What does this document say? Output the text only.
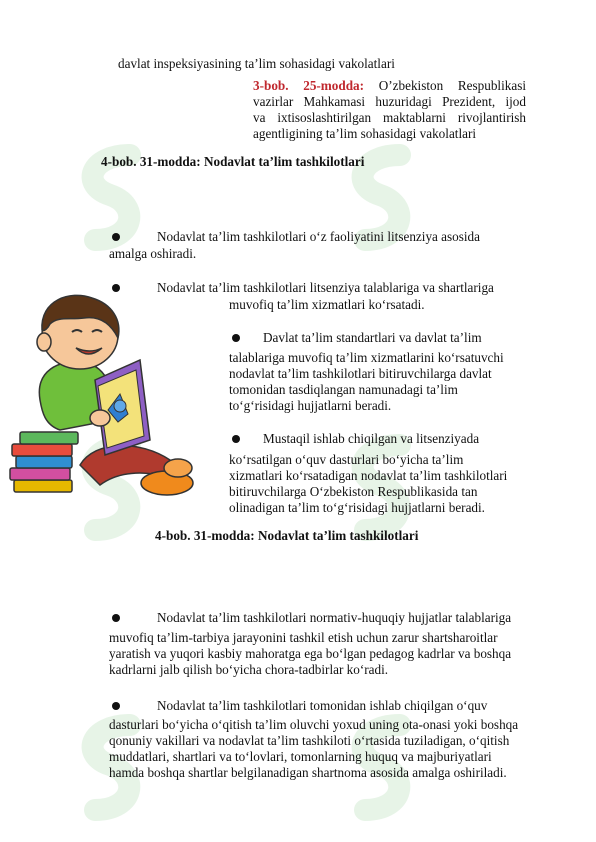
davlat inspeksiyasining ta’lim sohasidagi vakolatlari
3-bob. 25-modda: O’zbekiston Respublikasi
vazirlar Mahkamasi huzuridagi Prezident, ijod
va ixtisoslashtirilgan maktablarni rivojlantirish
agentligining ta’lim sohasidagi vakolatlari
4-bob. 31-modda: Nodavlat ta’lim tashkilotlari
Nodavlat ta’lim tashkilotlari o‘z faoliyatini litsenziya asosida
amalga oshiradi.
Nodavlat ta’lim tashkilotlari litsenziya talablariga va shartlariga
muvofiq ta’lim xizmatlari ko‘rsatadi.
Davlat ta’lim standartlari va davlat ta’lim
talablariga muvofiq ta’lim xizmatlarini ko‘rsatuvchi
nodavlat ta’lim tashkilotlari bitiruvchilarga davlat
tomonidan tasdiqlangan namunadagi ta’lim
to‘g‘risidagi hujjatlarni beradi.
Mustaqil ishlab chiqilgan va litsenziyada
ko‘rsatilgan o‘quv dasturlari bo‘yicha ta’lim
xizmatlari ko‘rsatadigan nodavlat ta’lim tashkilotlari
bitiruvchilarga O‘zbekiston Respublikasida tan
olinadigan ta’lim to‘g‘risidagi hujjatlarni beradi.
4-bob. 31-modda: Nodavlat ta’lim tashkilotlari
Nodavlat ta’lim tashkilotlari normativ-huquqiy hujjatlar talablariga
muvofiq ta’lim-tarbiya jarayonini tashkil etish uchun zarur shartsharoitlar
yaratish va yuqori kasbiy mahoratga ega bo‘lgan pedagog kadrlar va boshqa
kadrlarni jalb qilish bo‘yicha chora-tadbirlar ko‘radi.
Nodavlat ta’lim tashkilotlari tomonidan ishlab chiqilgan o‘quv
dasturlari bo‘yicha o‘qitish ta’lim oluvchi yoxud uning ota-onasi yoki boshqa
qonuniy vakillari va nodavlat ta’lim tashkiloti o‘rtasida tuziladigan, o‘qitish
muddatlari, shartlari va to‘lovlari, tomonlarning huquq va majburiyatlari
hamda boshqa shartlar belgilanadigan shartnoma asosida amalga oshiriladi.
